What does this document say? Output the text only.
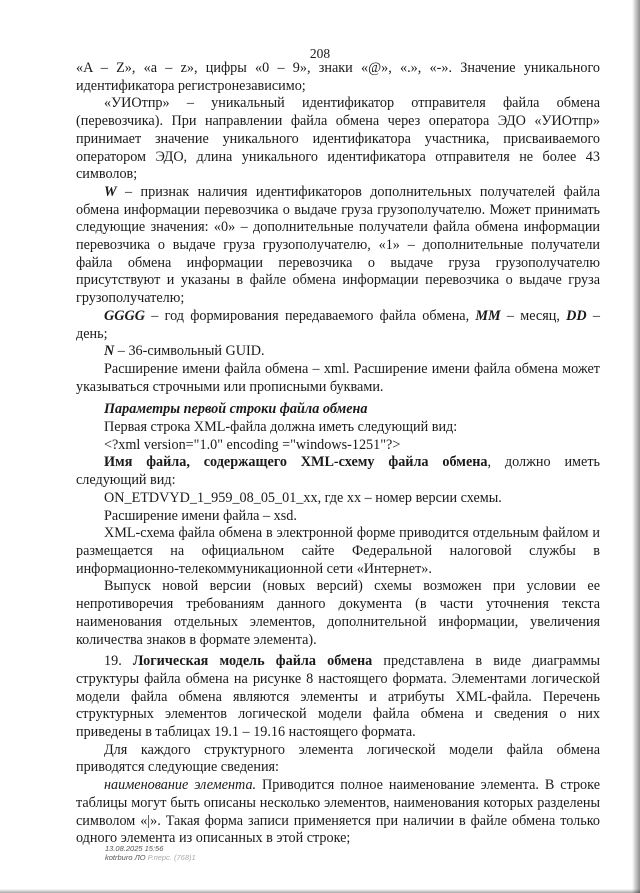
208

«A – Z», «a – z», цифры «0 – 9», знаки «@», «.», «-». Значение уникального идентификатора регистронезависимо;

«УИОтпр» – уникальный идентификатор отправителя файла обмена (перевозчика). При направлении файла обмена через оператора ЭДО «УИОтпр» принимает значение уникального идентификатора участника, присваиваемого оператором ЭДО, длина уникального идентификатора отправителя не более 43 символов;

W – признак наличия идентификаторов дополнительных получателей файла обмена информации перевозчика о выдаче груза грузополучателю. Может принимать следующие значения: «0» – дополнительные получатели файла обмена информации перевозчика о выдаче груза грузополучателю, «1» – дополнительные получатели файла обмена информации перевозчика о выдаче груза грузополучателю присутствуют и указаны в файле обмена информации перевозчика о выдаче груза грузополучателю;

GGGG – год формирования передаваемого файла обмена, MM – месяц, DD – день;

N – 36-символьный GUID.

Расширение имени файла обмена – xml. Расширение имени файла обмена может указываться строчными или прописными буквами.

Параметры первой строки файла обмена

Первая строка XML-файла должна иметь следующий вид:

<?xml version="1.0" encoding ="windows-1251"?>

Имя файла, содержащего XML-схему файла обмена, должно иметь следующий вид:

ON_ETDVYD_1_959_08_05_01_xx, где xx – номер версии схемы.

Расширение имени файла – xsd.

XML-схема файла обмена в электронной форме приводится отдельным файлом и размещается на официальном сайте Федеральной налоговой службы в информационно-телекоммуникационной сети «Интернет».

Выпуск новой версии (новых версий) схемы возможен при условии ее непротиворечия требованиям данного документа (в части уточнения текста наименования отдельных элементов, дополнительной информации, увеличения количества знаков в формате элемента).

19. Логическая модель файла обмена представлена в виде диаграммы структуры файла обмена на рисунке 8 настоящего формата. Элементами логической модели файла обмена являются элементы и атрибуты XML-файла. Перечень структурных элементов логической модели файла обмена и сведения о них приведены в таблицах 19.1 – 19.16 настоящего формата.

Для каждого структурного элемента логической модели файла обмена приводятся следующие сведения:

наименование элемента. Приводится полное наименование элемента. В строке таблицы могут быть описаны несколько элементов, наименования которых разделены символом «|». Такая форма записи применяется при наличии в файле обмена только одного элемента из описанных в этой строке;

13.08.2025 15:56
kotrburo ЛО Р.перс. (768)1
